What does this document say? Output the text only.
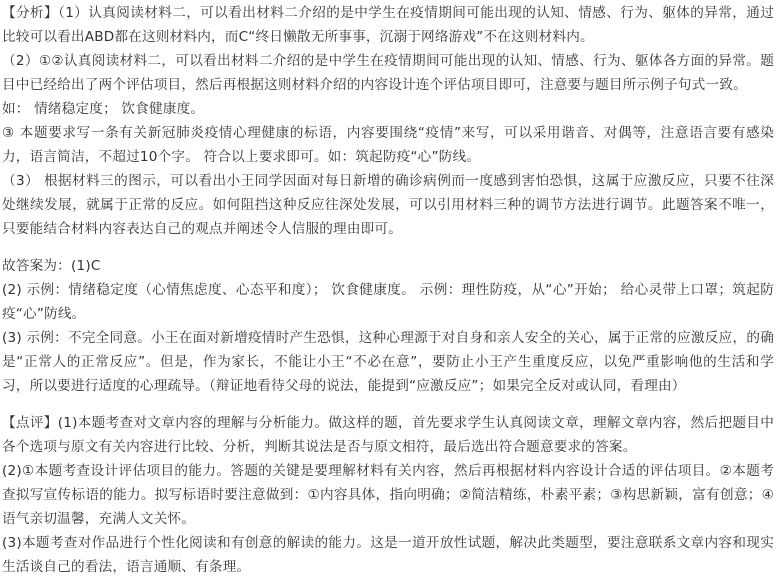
【分析】（1）认真阅读材料二，可以看出材料二介绍的是中学生在疫情期间可能出现的认知、情感、行为、躯体的异常，通过比较可以看出ABD都在这则材料内，而C“终日懒散无所事事，沉溺于网络游戏”不在这则材料内。

（2）①②认真阅读材料二，可以看出材料二介绍的是中学生在疫情期间可能出现的认知、情感、行为、躯体各方面的异常。题目中已经给出了两个评估项目，然后再根据这则材料介绍的内容设计连个评估项目即可，注意要与题目所示例子句式一致。

如： 情绪稳定度； 饮食健康度。

③ 本题要求写一条有关新冠肺炎疫情心理健康的标语，内容要围绕“疫情”来写，可以采用谐音、对偶等，注意语言要有感染力，语言简洁，不超过10个字。 符合以上要求即可。如：筑起防疫“心”防线。

（3） 根据材料三的图示，可以看出小王同学因面对每日新增的确诊病例而一度感到害怕恐惧，这属于应激反应，只要不往深处继续发展，就属于正常的反应。如何阻挡这种反应往深处发展，可以引用材料三种的调节方法进行调节。此题答案不唯一，只要能结合材料内容表达自己的观点并阐述令人信服的理由即可。

故答案为：(1)C

(2) 示例：情绪稳定度（心情焦虑度、心态平和度）； 饮食健康度。 示例：理性防疫，从“心”开始； 给心灵带上口罩；筑起防疫“心”防线。

(3) 示例：不完全同意。小王在面对新增疫情时产生恐惧，这种心理源于对自身和亲人安全的关心，属于正常的应激反应，的确是“正常人的正常反应”。但是，作为家长，不能让小王“不必在意”，要防止小王产生重度反应，以免严重影响他的生活和学习，所以要进行适度的心理疏导。（辩证地看待父母的说法，能提到“应激反应”；如果完全反对或认同，看理由）

【点评】(1)本题考查对文章内容的理解与分析能力。做这样的题，首先要求学生认真阅读文章，理解文章内容，然后把题目中各个选项与原文有关内容进行比较、分析，判断其说法是否与原文相符，最后选出符合题意要求的答案。

(2)①本题考查设计评估项目的能力。答题的关键是要理解材料有关内容，然后再根据材料内容设计合适的评估项目。②本题考查拟写宣传标语的能力。拟写标语时要注意做到：①内容具体，指向明确；②简洁精练，朴素平素；③构思新颖，富有创意；④语气亲切温馨，充满人文关怀。

(3)本题考查对作品进行个性化阅读和有创意的解读的能力。这是一道开放性试题，解决此类题型，要注意联系文章内容和现实生活谈自己的看法，语言通顺、有条理。
